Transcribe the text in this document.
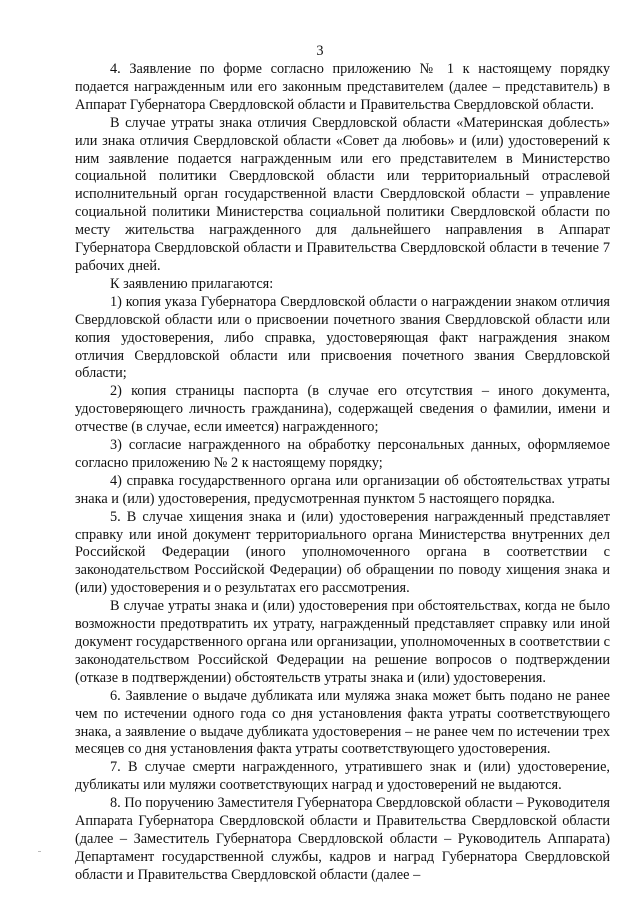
3

4. Заявление по форме согласно приложению № 1 к настоящему порядку подается награжденным или его законным представителем (далее – представитель) в Аппарат Губернатора Свердловской области и Правительства Свердловской области.

В случае утраты знака отличия Свердловской области «Материнская доблесть» или знака отличия Свердловской области «Совет да любовь» и (или) удостоверений к ним заявление подается награжденным или его представителем в Министерство социальной политики Свердловской области или территориальный отраслевой исполнительный орган государственной власти Свердловской области – управление социальной политики Министерства социальной политики Свердловской области по месту жительства награжденного для дальнейшего направления в Аппарат Губернатора Свердловской области и Правительства Свердловской области в течение 7 рабочих дней.

К заявлению прилагаются:

1) копия указа Губернатора Свердловской области о награждении знаком отличия Свердловской области или о присвоении почетного звания Свердловской области или копия удостоверения, либо справка, удостоверяющая факт награждения знаком отличия Свердловской области или присвоения почетного звания Свердловской области;

2) копия страницы паспорта (в случае его отсутствия – иного документа, удостоверяющего личность гражданина), содержащей сведения о фамилии, имени и отчестве (в случае, если имеется) награжденного;

3) согласие награжденного на обработку персональных данных, оформляемое согласно приложению № 2 к настоящему порядку;

4) справка государственного органа или организации об обстоятельствах утраты знака и (или) удостоверения, предусмотренная пунктом 5 настоящего порядка.

5. В случае хищения знака и (или) удостоверения награжденный представляет справку или иной документ территориального органа Министерства внутренних дел Российской Федерации (иного уполномоченного органа в соответствии с законодательством Российской Федерации) об обращении по поводу хищения знака и (или) удостоверения и о результатах его рассмотрения.

В случае утраты знака и (или) удостоверения при обстоятельствах, когда не было возможности предотвратить их утрату, награжденный представляет справку или иной документ государственного органа или организации, уполномоченных в соответствии с законодательством Российской Федерации на решение вопросов о подтверждении (отказе в подтверждении) обстоятельств утраты знака и (или) удостоверения.

6. Заявление о выдаче дубликата или муляжа знака может быть подано не ранее чем по истечении одного года со дня установления факта утраты соответствующего знака, а заявление о выдаче дубликата удостоверения – не ранее чем по истечении трех месяцев со дня установления факта утраты соответствующего удостоверения.

7. В случае смерти награжденного, утратившего знак и (или) удостоверение, дубликаты или муляжи соответствующих наград и удостоверений не выдаются.

8. По поручению Заместителя Губернатора Свердловской области – Руководителя Аппарата Губернатора Свердловской области и Правительства Свердловской области (далее – Заместитель Губернатора Свердловской области – Руководитель Аппарата) Департамент государственной службы, кадров и наград Губернатора Свердловской области и Правительства Свердловской области (далее –
